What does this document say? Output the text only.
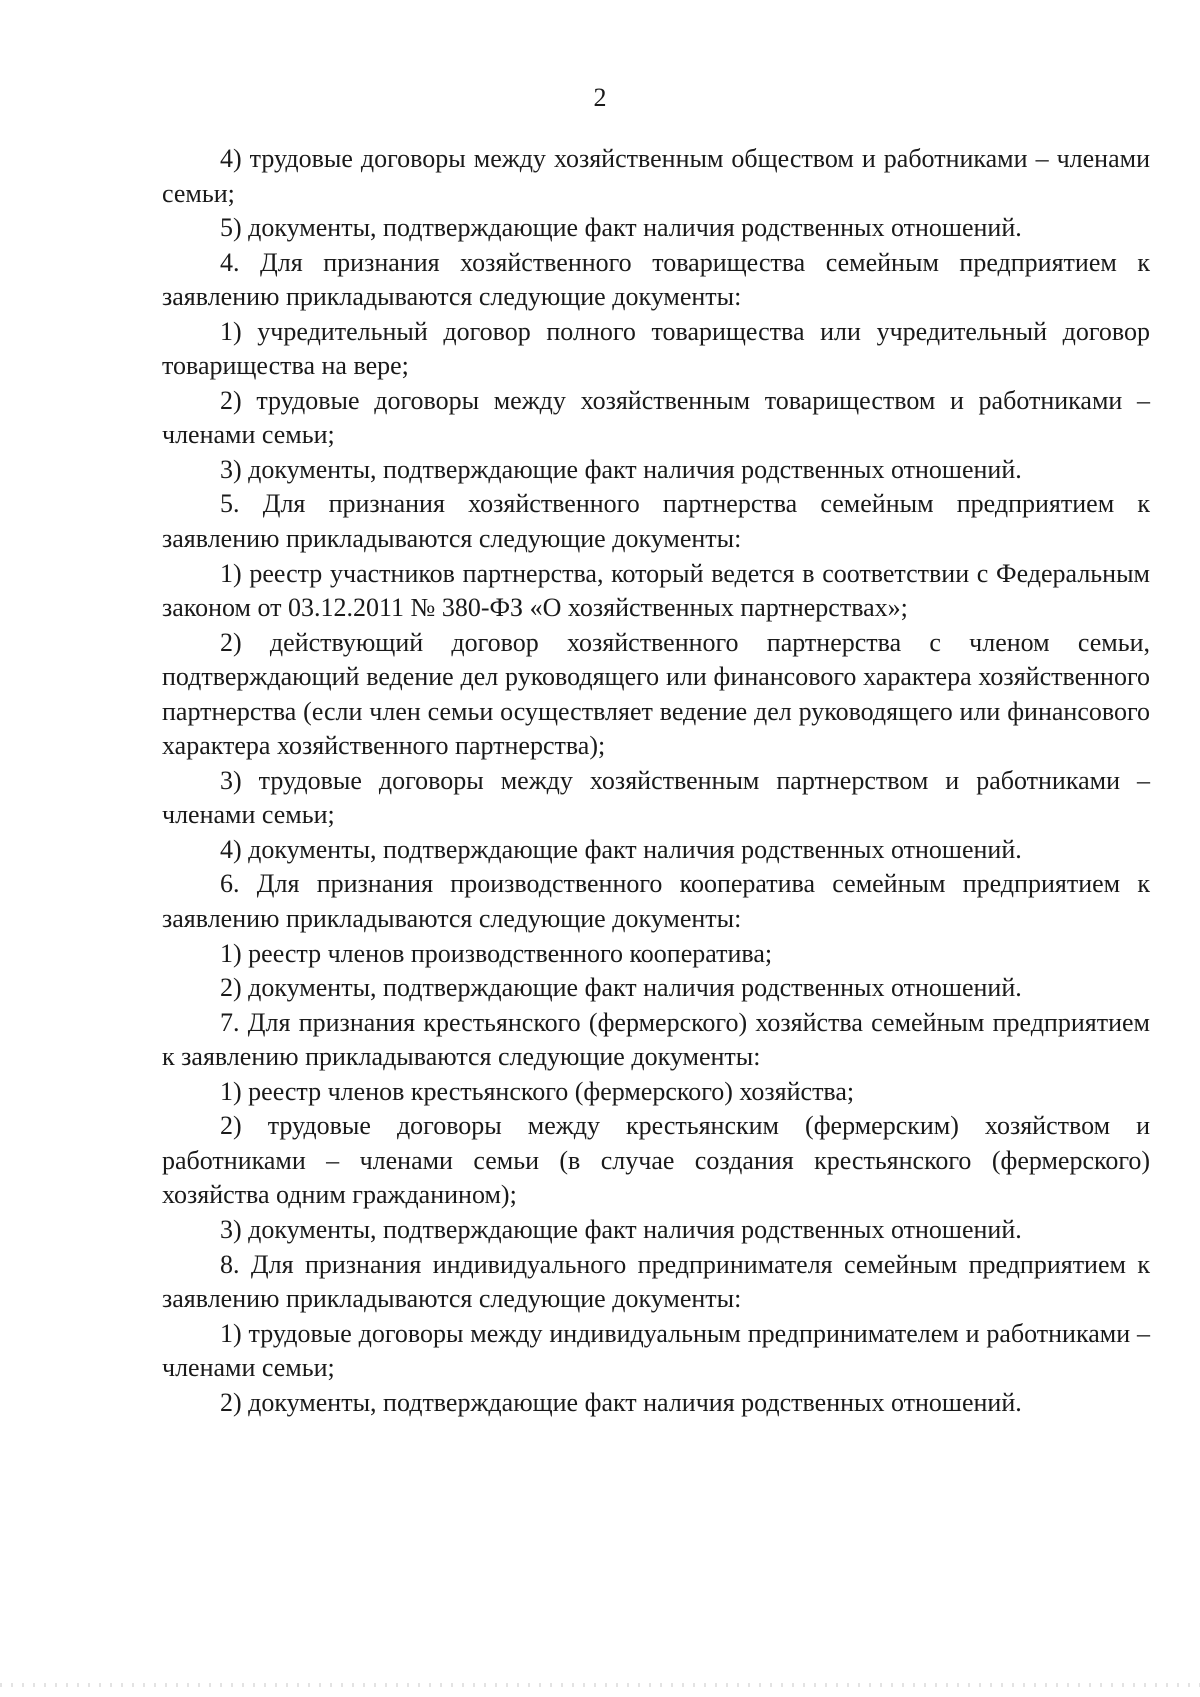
2

4) трудовые договоры между хозяйственным обществом и работниками – членами семьи;

5) документы, подтверждающие факт наличия родственных отношений.

4. Для признания хозяйственного товарищества семейным предприятием к заявлению прикладываются следующие документы:

1) учредительный договор полного товарищества или учредительный договор товарищества на вере;

2) трудовые договоры между хозяйственным товариществом и работниками – членами семьи;

3) документы, подтверждающие факт наличия родственных отношений.

5. Для признания хозяйственного партнерства семейным предприятием к заявлению прикладываются следующие документы:

1) реестр участников партнерства, который ведется в соответствии с Федеральным законом от 03.12.2011 № 380-ФЗ «О хозяйственных партнерствах»;

2) действующий договор хозяйственного партнерства с членом семьи, подтверждающий ведение дел руководящего или финансового характера хозяйственного партнерства (если член семьи осуществляет ведение дел руководящего или финансового характера хозяйственного партнерства);

3) трудовые договоры между хозяйственным партнерством и работниками – членами семьи;

4) документы, подтверждающие факт наличия родственных отношений.

6. Для признания производственного кооператива семейным предприятием к заявлению прикладываются следующие документы:

1) реестр членов производственного кооператива;

2) документы, подтверждающие факт наличия родственных отношений.

7. Для признания крестьянского (фермерского) хозяйства семейным предприятием к заявлению прикладываются следующие документы:

1) реестр членов крестьянского (фермерского) хозяйства;

2) трудовые договоры между крестьянским (фермерским) хозяйством и работниками – членами семьи (в случае создания крестьянского (фермерского) хозяйства одним гражданином);

3) документы, подтверждающие факт наличия родственных отношений.

8. Для признания индивидуального предпринимателя семейным предприятием к заявлению прикладываются следующие документы:

1) трудовые договоры между индивидуальным предпринимателем и работниками – членами семьи;

2) документы, подтверждающие факт наличия родственных отношений.
